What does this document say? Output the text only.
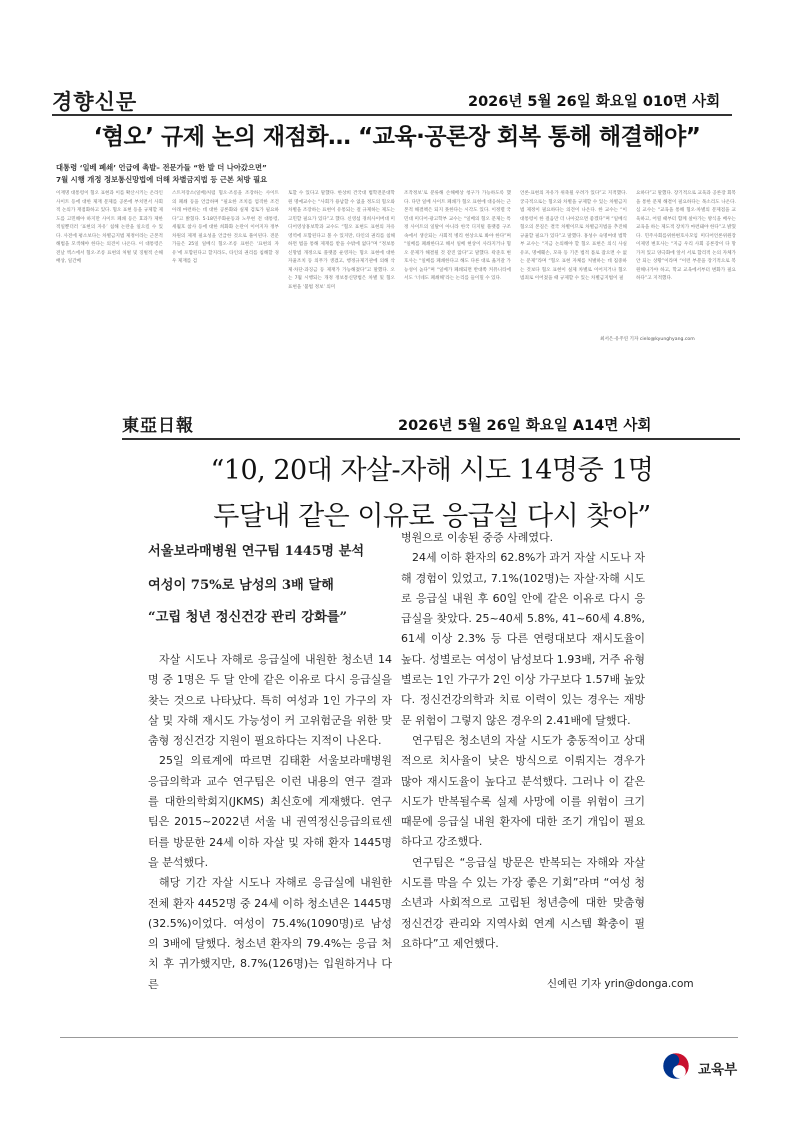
경향신문	2026년 5월 26일 화요일 010면 사회
‘혐오’ 규제 논의 재점화… “교육·공론장 회복 통해 해결해야”
대통령 ‘일베 폐쇄’ 언급에 촉발– 전문가들 “한 발 더 나아갔으면”
7월 시행 개정 정보통신망법에 더해 차별금지법 등 근본 처방 필요
이재명 대통령이 혐오 표현과 이를 확산시키는 온라인 사이트 등에 대한 제재 문제를 공론에 부치면서 사회적 논의가 재점화하고 있다. 혐오 표현 등을 규제할 제도를 고민해야 하지만 사이트 폐쇄 등은 효과가 제한적일뿐더러 ‘표현의 자유’ 침해 논란을 일으킬 수 있다. 사전에 평소보다는 차별금지법 제정이라는 근본적 해법을 모색해야 한다는 의견이 나온다. 이 대통령은 전날 엑스에서 혐오·조롱 표현의 처벌 및 징벌적 손해배상, 일간베
스트저장소(일베)처럼 혐오·조롱을 조장하는 사이트의 폐쇄 등을 언급하며 “필요한 조치를 엄격한 조건 아래 마련하는 데 대한 공론화와 실제 검토가 필요하다”고 밝혔다. 5·18민주화운동과 노무현 전 대통령, 세월호 참사 등에 대한 희화화 논란이 이어지자 정부 차원의 제재 필요성을 언급한 것으로 풀이된다. 전문가들은 25일 일베식 혐오·조롱 표현은 ‘표현의 자유’에 포함된다고 할지라도, 타인의 권리를 침해할 경우 제재를 검
토할 수 있다고 말했다. 한상희 건국대 법학전문대학원 명예교수는 “사회가 용납할 수 없을 정도의 혐오와 차별을 조장하는 표현이 유통되는 걸 규제하는 제도는 고민할 필요가 있다”고 했다. 신영섭 경희사이버대 미디어영상홍보학과 교수도 “혐오 표현도 표현의 자유 영역에 포함된다고 볼 수 있지만, 타인의 권리를 침해하면 법을 통해 제재를 받을 수밖에 없다”며 “정보통신망법 개정으로 플랫폼 운영자는 혐오 표현에 대한 자율조치 등 의무가 생겼고, 행정규제기관에 의해 삭제·차단·과징금 등 제재가 가능해졌다”고 말했다. 오는 7월 시행되는 개정 정보통신망법은 차별 및 혐오 표현을 ‘불법 정보’ 의미
조작정보’로 분류해 손해배상 청구가 가능하도록 했다. 다만 일베 사이트 폐쇄가 혐오 표현에 대응하는 근본적 해결책은 되지 못한다는 시각도 있다. 이정렬 국민대 미디어·광고학부 교수는 “일베의 혐오 문제는 특정 사이트의 일탈이 아니라 한국 디지털 플랫폼 구조 속에서 생산되는 사회적 병리 현상으로 봐야 한다”며 “일베를 폐쇄한다고 해서 일베 현상이 사라지거나 혐오 문제가 해결될 것 같진 않다”고 말했다. 곽준호 변호사는 “일베를 폐쇄한다고 해도 다른 대로 옮겨갈 가능성이 높다”며 “일베가 폐쇄되면 반대쪽 커뮤니티에서도 ‘너네도 폐쇄해’라는 논리를 들이밀 수 있다.
언론·표현의 자유가 위축될 우려가 있다”고 지적했다. 궁극적으로는 혐오와 차별을 규제할 수 있는 차별금지법 제정이 필요하다는 의견이 나온다. 한 교수는 “이 대통령이 한 걸음만 더 나아갔으면 좋겠다”며 “일베식 혐오의 본질은 결국 차별이므로 차별금지법을 추진해 규율할 필요가 있다”고 말했다. 홍성수 숙명여대 법학부 교수는 “지금 논의해야 할 혐오 표현은 의식 사실 유포, 명예훼손, 모욕 등 기존 법적 틀로 잡으면 수 없는 문제”라며 “혐오 표현 자체를 처벌하는 데 집중하는 것보다 혐오 표현이 실제 차별로 이어지거나 혐오범죄로 이어졌을 때 규제할 수 있는 차별금지법이 필
요하다”고 말했다. 장기적으로 교육과 공론장 회복을 통한 문제 해결이 필요하다는 목소리도 나온다. 심 교수는 “교육을 통해 혐오·차별의 문제점을 교육하고, 어릴 때부터 함께 살아가는 방식을 배우는 교육을 하는 제도적 장치가 마련돼야 한다”고 밝혔다. 민주사회를위한변호사모임 미디어언론위원장 이제영 변호사는 “지금 우리 사회 공론장이 다 망가져 있고 양극화에 앞서 서로 합리적 논의 자체가 안 되는 상황”이라며 “이런 부분을 장기적으로 복원해나가야 하고, 학교 교육에서부터 변화가 필요하다”고 지적했다.
최서은·유주연 기자 cielo@kyunghyang.com
東亞日報	2026년 5월 26일 화요일 A14면 사회
“10, 20대 자살-자해 시도 14명중 1명
두달내 같은 이유로 응급실 다시 찾아”
서울보라매병원 연구팀 1445명 분석
여성이 75%로 남성의 3배 달해
“고립 청년 정신건강 관리 강화를”

자살 시도나 자해로 응급실에 내원한 청소년 14명 중 1명은 두 달 안에 같은 이유로 다시 응급실을 찾는 것으로 나타났다. 특히 여성과 1인 가구의 자살 및 자해 재시도 가능성이 커 고위험군을 위한 맞춤형 정신건강 지원이 필요하다는 지적이 나온다.

25일 의료계에 따르면 김태환 서울보라매병원 응급의학과 교수 연구팀은 이런 내용의 연구 결과를 대한의학회지(JKMS) 최신호에 게재했다. 연구팀은 2015~2022년 서울 내 권역정신응급의료센터를 방문한 24세 이하 자살 및 자해 환자 1445명을 분석했다.

해당 기간 자살 시도나 자해로 응급실에 내원한 전체 환자 4452명 중 24세 이하 청소년은 1445명(32.5%)이었다. 여성이 75.4%(1090명)로 남성의 3배에 달했다. 청소년 환자의 79.4%는 응급 처치 후 귀가했지만, 8.7%(126명)는 입원하거나 다른

병원으로 이송된 중증 사례였다.

24세 이하 환자의 62.8%가 과거 자살 시도나 자해 경험이 있었고, 7.1%(102명)는 자살·자해 시도로 응급실 내원 후 60일 안에 같은 이유로 다시 응급실을 찾았다. 25~40세 5.8%, 41~60세 4.8%, 61세 이상 2.3% 등 다른 연령대보다 재시도율이 높다. 성별로는 여성이 남성보다 1.93배, 거주 유형별로는 1인 가구가 2인 이상 가구보다 1.57배 높았다. 정신건강의학과 치료 이력이 있는 경우는 재방문 위험이 그렇지 않은 경우의 2.41배에 달했다.

연구팀은 청소년의 자살 시도가 충동적이고 상대적으로 치사율이 낮은 방식으로 이뤄지는 경우가 많아 재시도율이 높다고 분석했다. 그러나 이 같은 시도가 반복될수록 실제 사망에 이를 위험이 크기 때문에 응급실 내원 환자에 대한 조기 개입이 필요하다고 강조했다.

연구팀은 “응급실 방문은 반복되는 자해와 자살 시도를 막을 수 있는 가장 좋은 기회”라며 “여성 청소년과 사회적으로 고립된 청년층에 대한 맞춤형 정신건강 관리와 지역사회 연계 시스템 확충이 필요하다”고 제언했다.

신예린 기자 yrin@donga.com
교육부
